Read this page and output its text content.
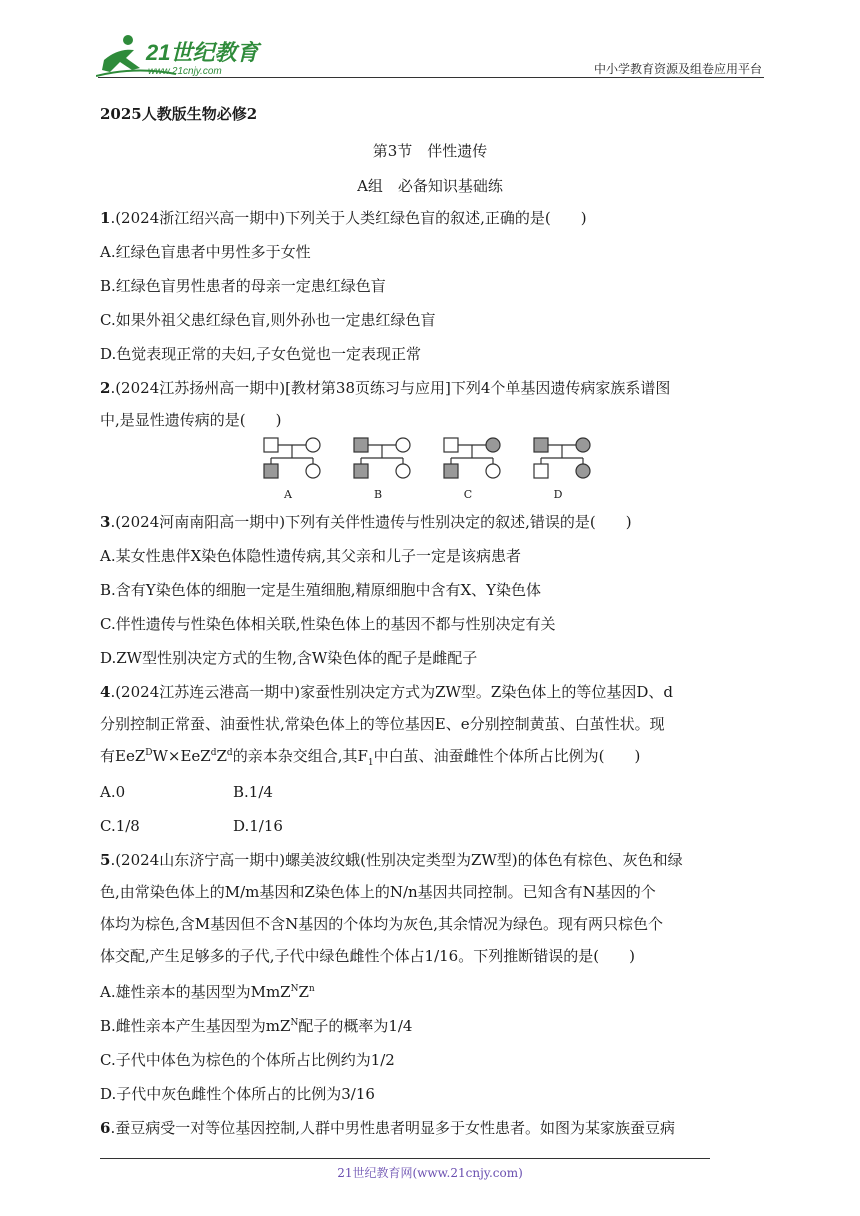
21世纪教育
www.21cnjy.com	中小学教育资源及组卷应用平台
2025人教版生物必修2
第3节　伴性遗传
A组　必备知识基础练
1.(2024浙江绍兴高一期中)下列关于人类红绿色盲的叙述,正确的是(　　)
A.红绿色盲患者中男性多于女性
B.红绿色盲男性患者的母亲一定患红绿色盲
C.如果外祖父患红绿色盲,则外孙也一定患红绿色盲
D.色觉表现正常的夫妇,子女色觉也一定表现正常
2.(2024江苏扬州高一期中)[教材第38页练习与应用]下列4个单基因遗传病家族系谱图
中,是显性遗传病的是(　　)
A	B	C	D
3.(2024河南南阳高一期中)下列有关伴性遗传与性别决定的叙述,错误的是(　　)
A.某女性患伴X染色体隐性遗传病,其父亲和儿子一定是该病患者
B.含有Y染色体的细胞一定是生殖细胞,精原细胞中含有X、Y染色体
C.伴性遗传与性染色体相关联,性染色体上的基因不都与性别决定有关
D.ZW型性别决定方式的生物,含W染色体的配子是雌配子
4.(2024江苏连云港高一期中)家蚕性别决定方式为ZW型。Z染色体上的等位基因D、d
分别控制正常蚕、油蚕性状,常染色体上的等位基因E、e分别控制黄茧、白茧性状。现
有$EeZ^DW\times EeZ^dZ^d$的亲本杂交组合,其$F_1$中白茧、油蚕雌性个体所占比例为(　　)
A.0	B.1/4
C.1/8	D.1/16
5.(2024山东济宁高一期中)螺美波纹蛾(性别决定类型为ZW型)的体色有棕色、灰色和绿
色,由常染色体上的M/m基因和Z染色体上的N/n基因共同控制。已知含有N基因的个
体均为棕色,含M基因但不含N基因的个体均为灰色,其余情况为绿色。现有两只棕色个
体交配,产生足够多的子代,子代中绿色雌性个体占1/16。下列推断错误的是(　　)
A.雄性亲本的基因型为$MmZ^NZ^n$
B.雌性亲本产生基因型为$mZ^N$配子的概率为1/4
C.子代中体色为棕色的个体所占比例约为1/2
D.子代中灰色雌性个体所占的比例为3/16
6.蚕豆病受一对等位基因控制,人群中男性患者明显多于女性患者。如图为某家族蚕豆病
21世纪教育网(www.21cnjy.com)
